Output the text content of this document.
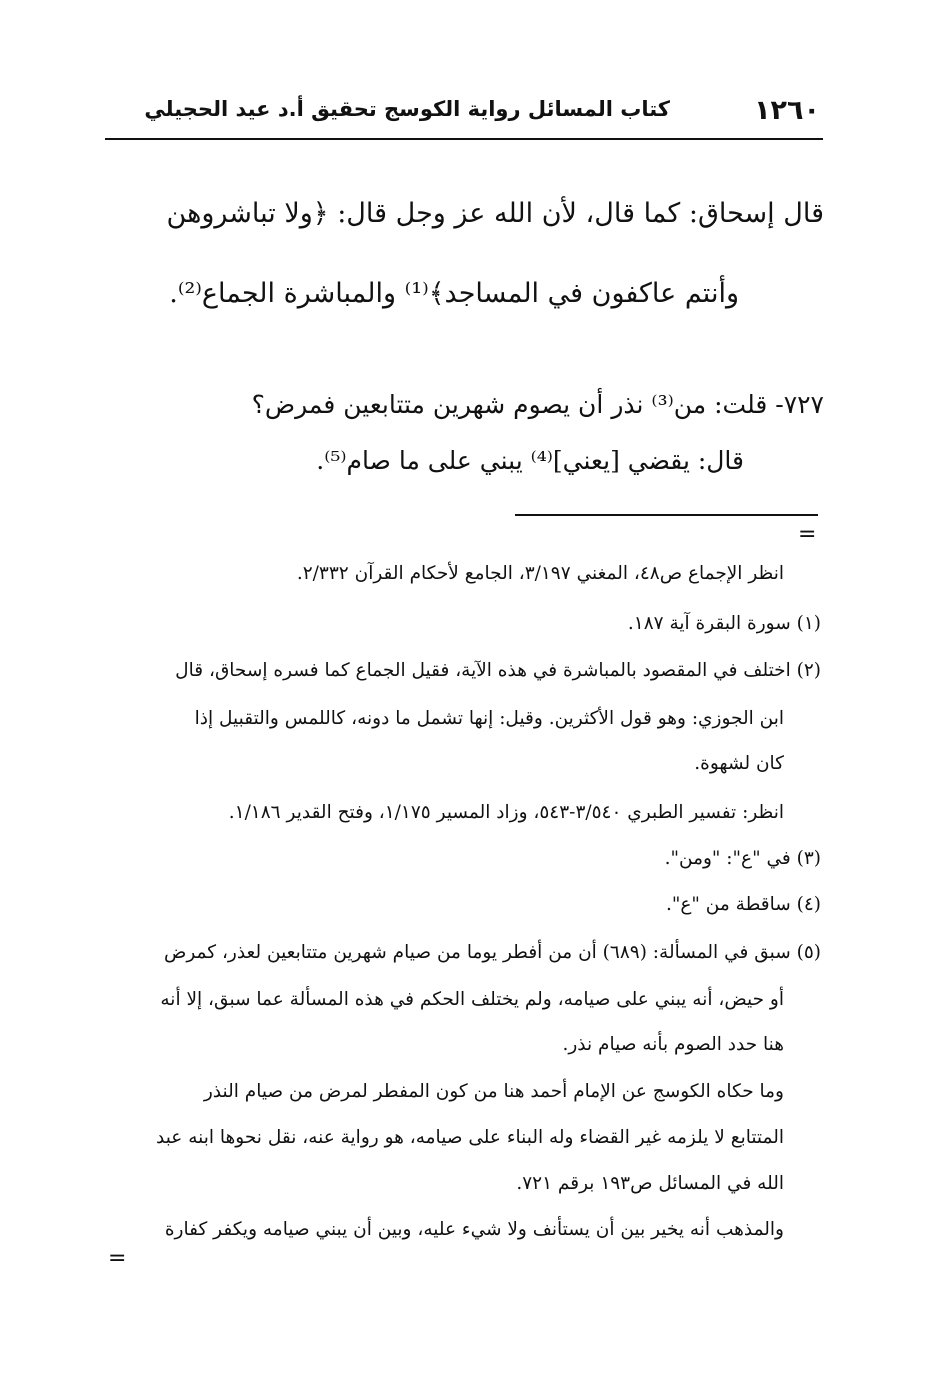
١٢٦٠
كتاب المسائل رواية الكوسج تحقيق أ.د عيد الحجيلي
قال إسحاق: كما قال، لأن الله عز وجل قال: ﴿ولا تباشروهن
وأنتم عاكفون في المساجد﴾⁽¹⁾ والمباشرة الجماع⁽²⁾.
٧٢٧- قلت: من⁽³⁾ نذر أن يصوم شهرين متتابعين فمرض؟
قال: يقضي [يعني]⁽⁴⁾ يبني على ما صام⁽⁵⁾.
=
انظر الإجماع ص٤٨، المغني ٣/١٩٧، الجامع لأحكام القرآن ٢/٣٣٢.
(١) سورة البقرة آية ١٨٧.
(٢) اختلف في المقصود بالمباشرة في هذه الآية، فقيل الجماع كما فسره إسحاق، قال
ابن الجوزي: وهو قول الأكثرين. وقيل: إنها تشمل ما دونه، كاللمس والتقبيل إذا
كان لشهوة.
انظر: تفسير الطبري ٣/٥٤٠-٥٤٣، وزاد المسير ١/١٧٥، وفتح القدير ١/١٨٦.
(٣) في "ع": "ومن".
(٤) ساقطة من "ع".
(٥) سبق في المسألة: (٦٨٩) أن من أفطر يوما من صيام شهرين متتابعين لعذر، كمرض
أو حيض، أنه يبني على صيامه، ولم يختلف الحكم في هذه المسألة عما سبق، إلا أنه
هنا حدد الصوم بأنه صيام نذر.
وما حكاه الكوسج عن الإمام أحمد هنا من كون المفطر لمرض من صيام النذر
المتتابع لا يلزمه غير القضاء وله البناء على صيامه، هو رواية عنه، نقل نحوها ابنه عبد
الله في المسائل ص١٩٣ برقم ٧٢١.
والمذهب أنه يخير بين أن يستأنف ولا شيء عليه، وبين أن يبني صيامه ويكفر كفارة
=
